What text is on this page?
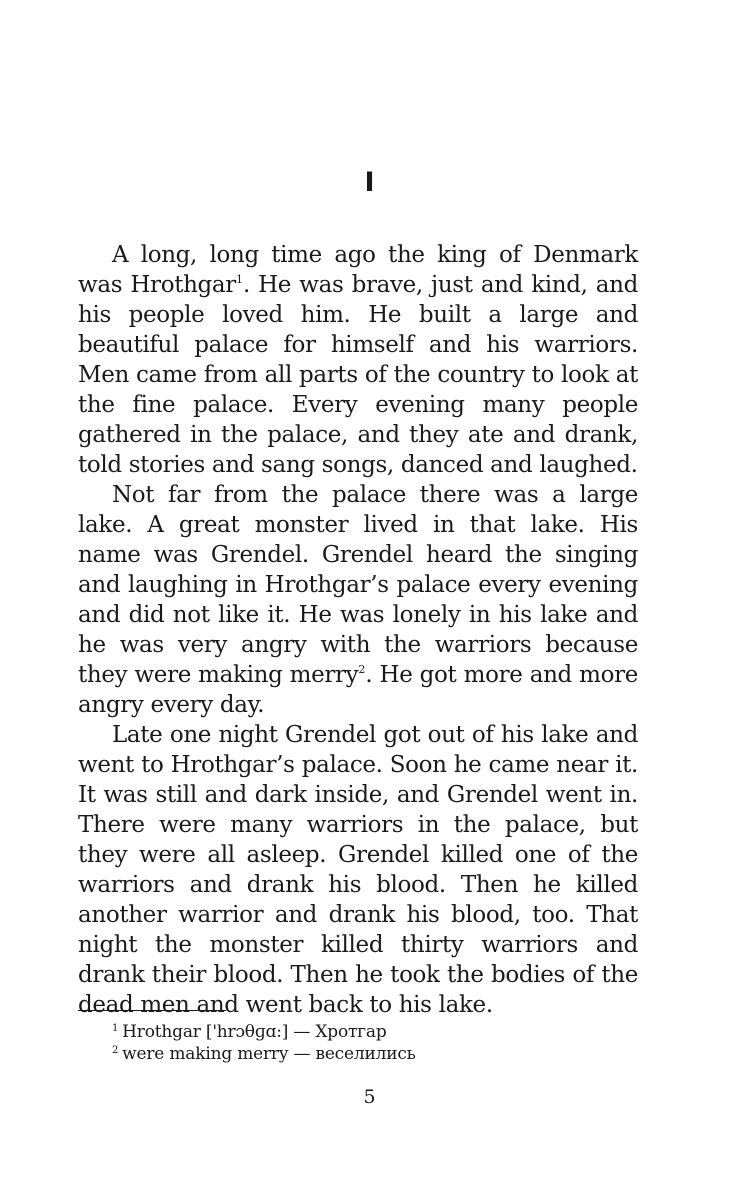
I

A long, long time ago the king of Denmark was Hrothgar$^1$. He was brave, just and kind, and his people loved him. He built a large and beautiful palace for himself and his warriors. Men came from all parts of the country to look at the fine palace. Every evening many people gathered in the palace, and they ate and drank, told stories and sang songs, danced and laughed.

Not far from the palace there was a large lake. A great monster lived in that lake. His name was Grendel. Grendel heard the singing and laughing in Hrothgar’s palace every evening and did not like it. He was lonely in his lake and he was very angry with the warriors because they were making merry$^2$. He got more and more angry every day.

Late one night Grendel got out of his lake and went to Hrothgar’s palace. Soon he came near it. It was still and dark inside, and Grendel went in. There were many warriors in the palace, but they were all asleep. Grendel killed one of the warriors and drank his blood. Then he killed another warrior and drank his blood, too. That night the monster killed thirty warriors and drank their blood. Then he took the bodies of the dead men and went back to his lake.

$^1$ Hrothgar ['hrɔθɡɑ:] — Хротгар

$^2$ were making merry — веселились

5
